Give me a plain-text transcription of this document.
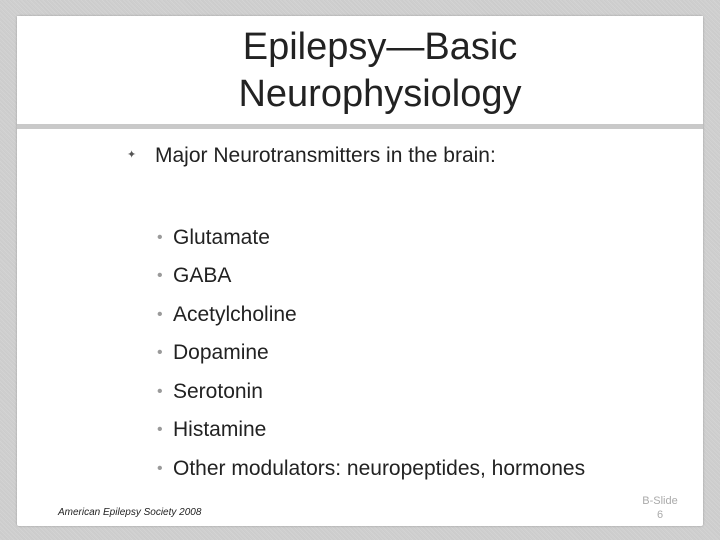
Epilepsy—Basic
Neurophysiology
✦ Major Neurotransmitters in the brain:
• Glutamate
• GABA
• Acetylcholine
• Dopamine
• Serotonin
• Histamine
• Other modulators: neuropeptides, hormones
American Epilepsy Society 2008
B-Slide
6
